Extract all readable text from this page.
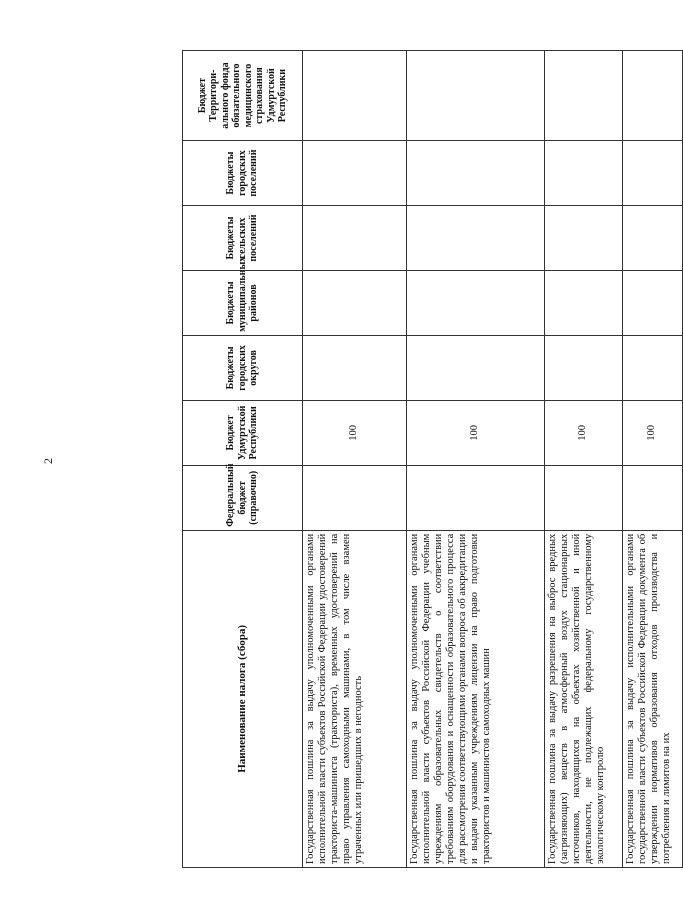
2
Наименование налога (сбора)	Федеральный бюджет (справочно)	Бюджет Удмуртской Республики	Бюджеты городских округов	Бюджеты муниципальных районов	Бюджеты сельских поселений	Бюджеты городских поселений	Бюджет Территори-ального фонда обязательного медицинского страхования Удмуртской Республики
Государственная пошлина за выдачу уполномоченными органами исполнительной власти субъектов Российской Федерации удостоверений тракториста-машиниста (тракториста), временных удостоверений на право управления самоходными машинами, в том числе взамен утраченных или пришедших в негодность		100					
Государственная пошлина за выдачу уполномоченными органами исполнительной власти субъектов Российской Федерации учебным учреждениям образовательных свидетельств о соответствии требованиям оборудования и оснащенности образовательного процесса для рассмотрения соответствующими органами вопроса об аккредитации и выдачи указанным учреждениям лицензии на право подготовки трактористов и машинистов самоходных машин		100					
Государственная пошлина за выдачу разрешения на выброс вредных (загрязняющих) веществ в атмосферный воздух стационарных источников, находящихся на объектах хозяйственной и иной деятельности, не подлежащих федеральному государственному экологическому контролю		100					
Государственная пошлина за выдачу исполнительными органами государственной власти субъектов Российской Федерации документа об утверждении нормативов образования отходов производства и потребления и лимитов на их		100					
